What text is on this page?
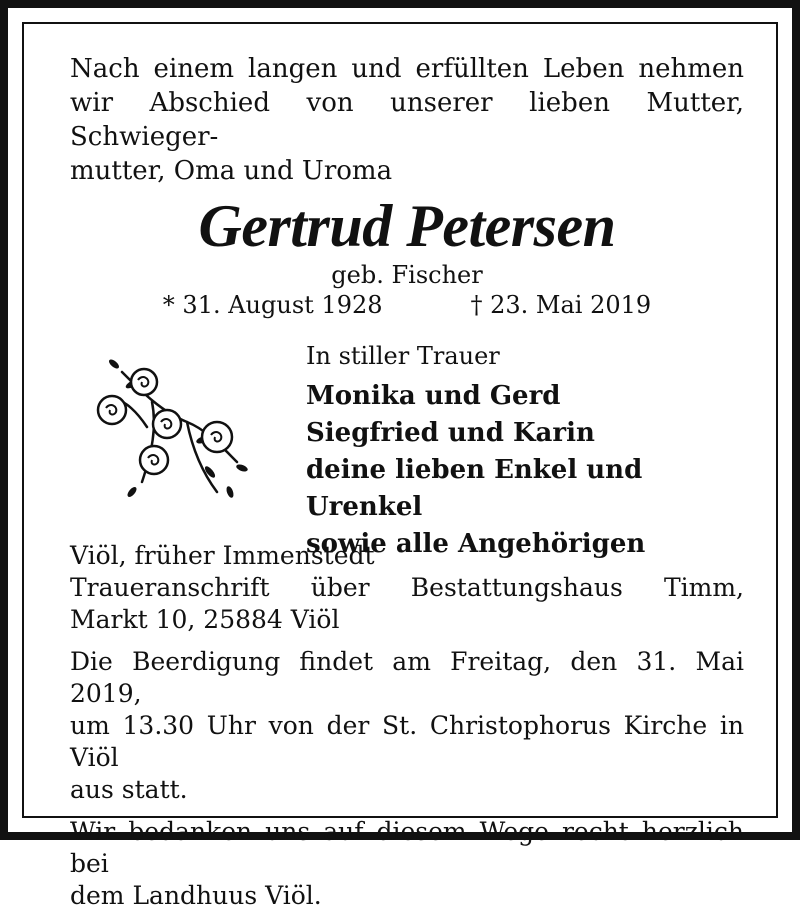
Nach einem langen und erfüllten Leben nehmen
wir Abschied von unserer lieben Mutter, Schwieger-
mutter, Oma und Uroma

Gertrud Petersen

geb. Fischer

* 31. August 1928	† 23. Mai 2019

In stiller Trauer

Monika und Gerd
Siegfried und Karin
deine lieben Enkel und Urenkel
sowie alle Angehörigen

Viöl, früher Immenstedt
Traueranschrift über Bestattungshaus Timm,
Markt 10, 25884 Viöl

Die Beerdigung findet am Freitag, den 31. Mai 2019,
um 13.30 Uhr von der St. Christophorus Kirche in Viöl
aus statt.

Wir bedanken uns auf diesem Wege recht herzlich bei
dem Landhuus Viöl.
